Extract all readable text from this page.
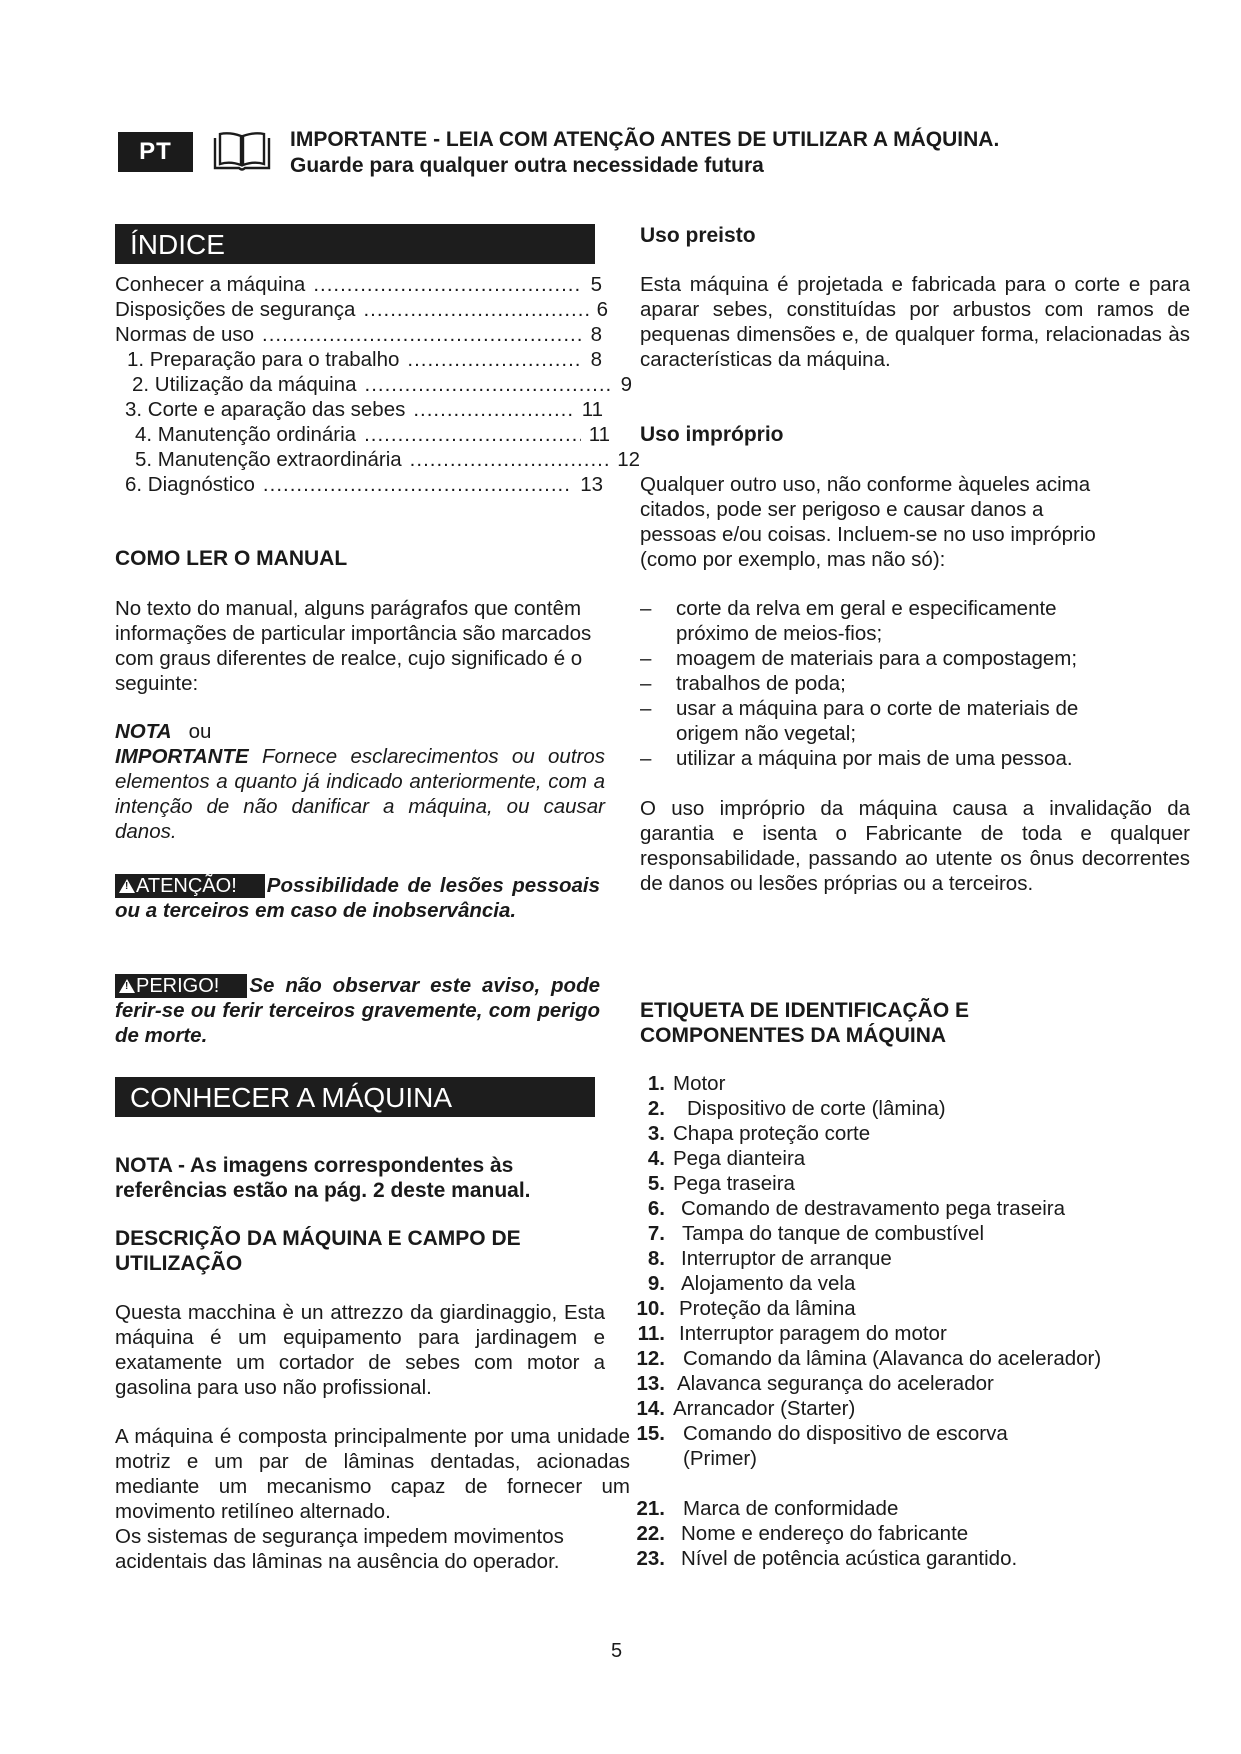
PT	IMPORTANTE - LEIA COM ATENÇÃO ANTES DE UTILIZAR A MÁQUINA.
Guarde para qualquer outra necessidade futura
ÍNDICE
Conhecer a máquina .....	5
Disposições de segurança .....	6
Normas de uso .....	8
1. Preparação para o trabalho .....	8
2. Utilização da máquina .....	9
3. Corte e aparação das sebes .....	11
4. Manutenção ordinária .....	11
5. Manutenção extraordinária .....	12
6. Diagnóstico .....	13
COMO LER O MANUAL
No texto do manual, alguns parágrafos que contêm informações de particular importância são marcados com graus diferentes de realce, cujo significado é o seguinte:
NOTA ou
IMPORTANTE Fornece esclarecimentos ou outros elementos a quanto já indicado anteriormente, com a intenção de não danificar a máquina, ou causar danos.
!ATENÇÃO! Possibilidade de lesões pessoais ou a terceiros em caso de inobservância.
!PERIGO! Se não observar este aviso, pode ferir-se ou ferir terceiros gravemente, com perigo de morte.
CONHECER A MÁQUINA
NOTA - As imagens correspondentes às referências estão na pág. 2 deste manual.
DESCRIÇÃO DA MÁQUINA E CAMPO DE UTILIZAÇÃO
Questa macchina è un attrezzo da giardinaggio, Esta máquina é um equipamento para jardinagem e exatamente um cortador de sebes com motor a gasolina para uso não profissional.
A máquina é composta principalmente por uma unidade motriz e um par de lâminas dentadas, acionadas mediante um mecanismo capaz de fornecer um movimento retilíneo alternado.
Os sistemas de segurança impedem movimentos acidentais das lâminas na ausência do operador.
Uso preisto
Esta máquina é projetada e fabricada para o corte e para aparar sebes, constituídas por arbustos com ramos de pequenas dimensões e, de qualquer forma, relacionadas às características da máquina.
Uso impróprio
Qualquer outro uso, não conforme àqueles acima citados, pode ser perigoso e causar danos a pessoas e/ou coisas. Incluem-se no uso impróprio (como por exemplo, mas não só):
–	corte da relva em geral e especificamente próximo de meios-fios;
–	moagem de materiais para a compostagem;
–	trabalhos de poda;
–	usar a máquina para o corte de materiais de origem não vegetal;
–	utilizar a máquina por mais de uma pessoa.
O uso impróprio da máquina causa a invalidação da garantia e isenta o Fabricante de toda e qualquer responsabilidade, passando ao utente os ônus decorrentes de danos ou lesões próprias ou a terceiros.
ETIQUETA DE IDENTIFICAÇÃO E COMPONENTES DA MÁQUINA
1. Motor
2.	Dispositivo de corte (lâmina)
3. Chapa proteção corte
4. Pega dianteira
5. Pega traseira
6. Comando de destravamento pega traseira
7. Tampa do tanque de combustível
8. Interruptor de arranque
9. Alojamento da vela
10. Proteção da lâmina
11. Interruptor paragem do motor
12. Comando da lâmina (Alavanca do acelerador)
13. Alavanca segurança do acelerador
14. Arrancador (Starter)
15. Comando do dispositivo de escorva (Primer)
21. Marca de conformidade
22. Nome e endereço do fabricante
23. Nível de potência acústica garantido.
5
